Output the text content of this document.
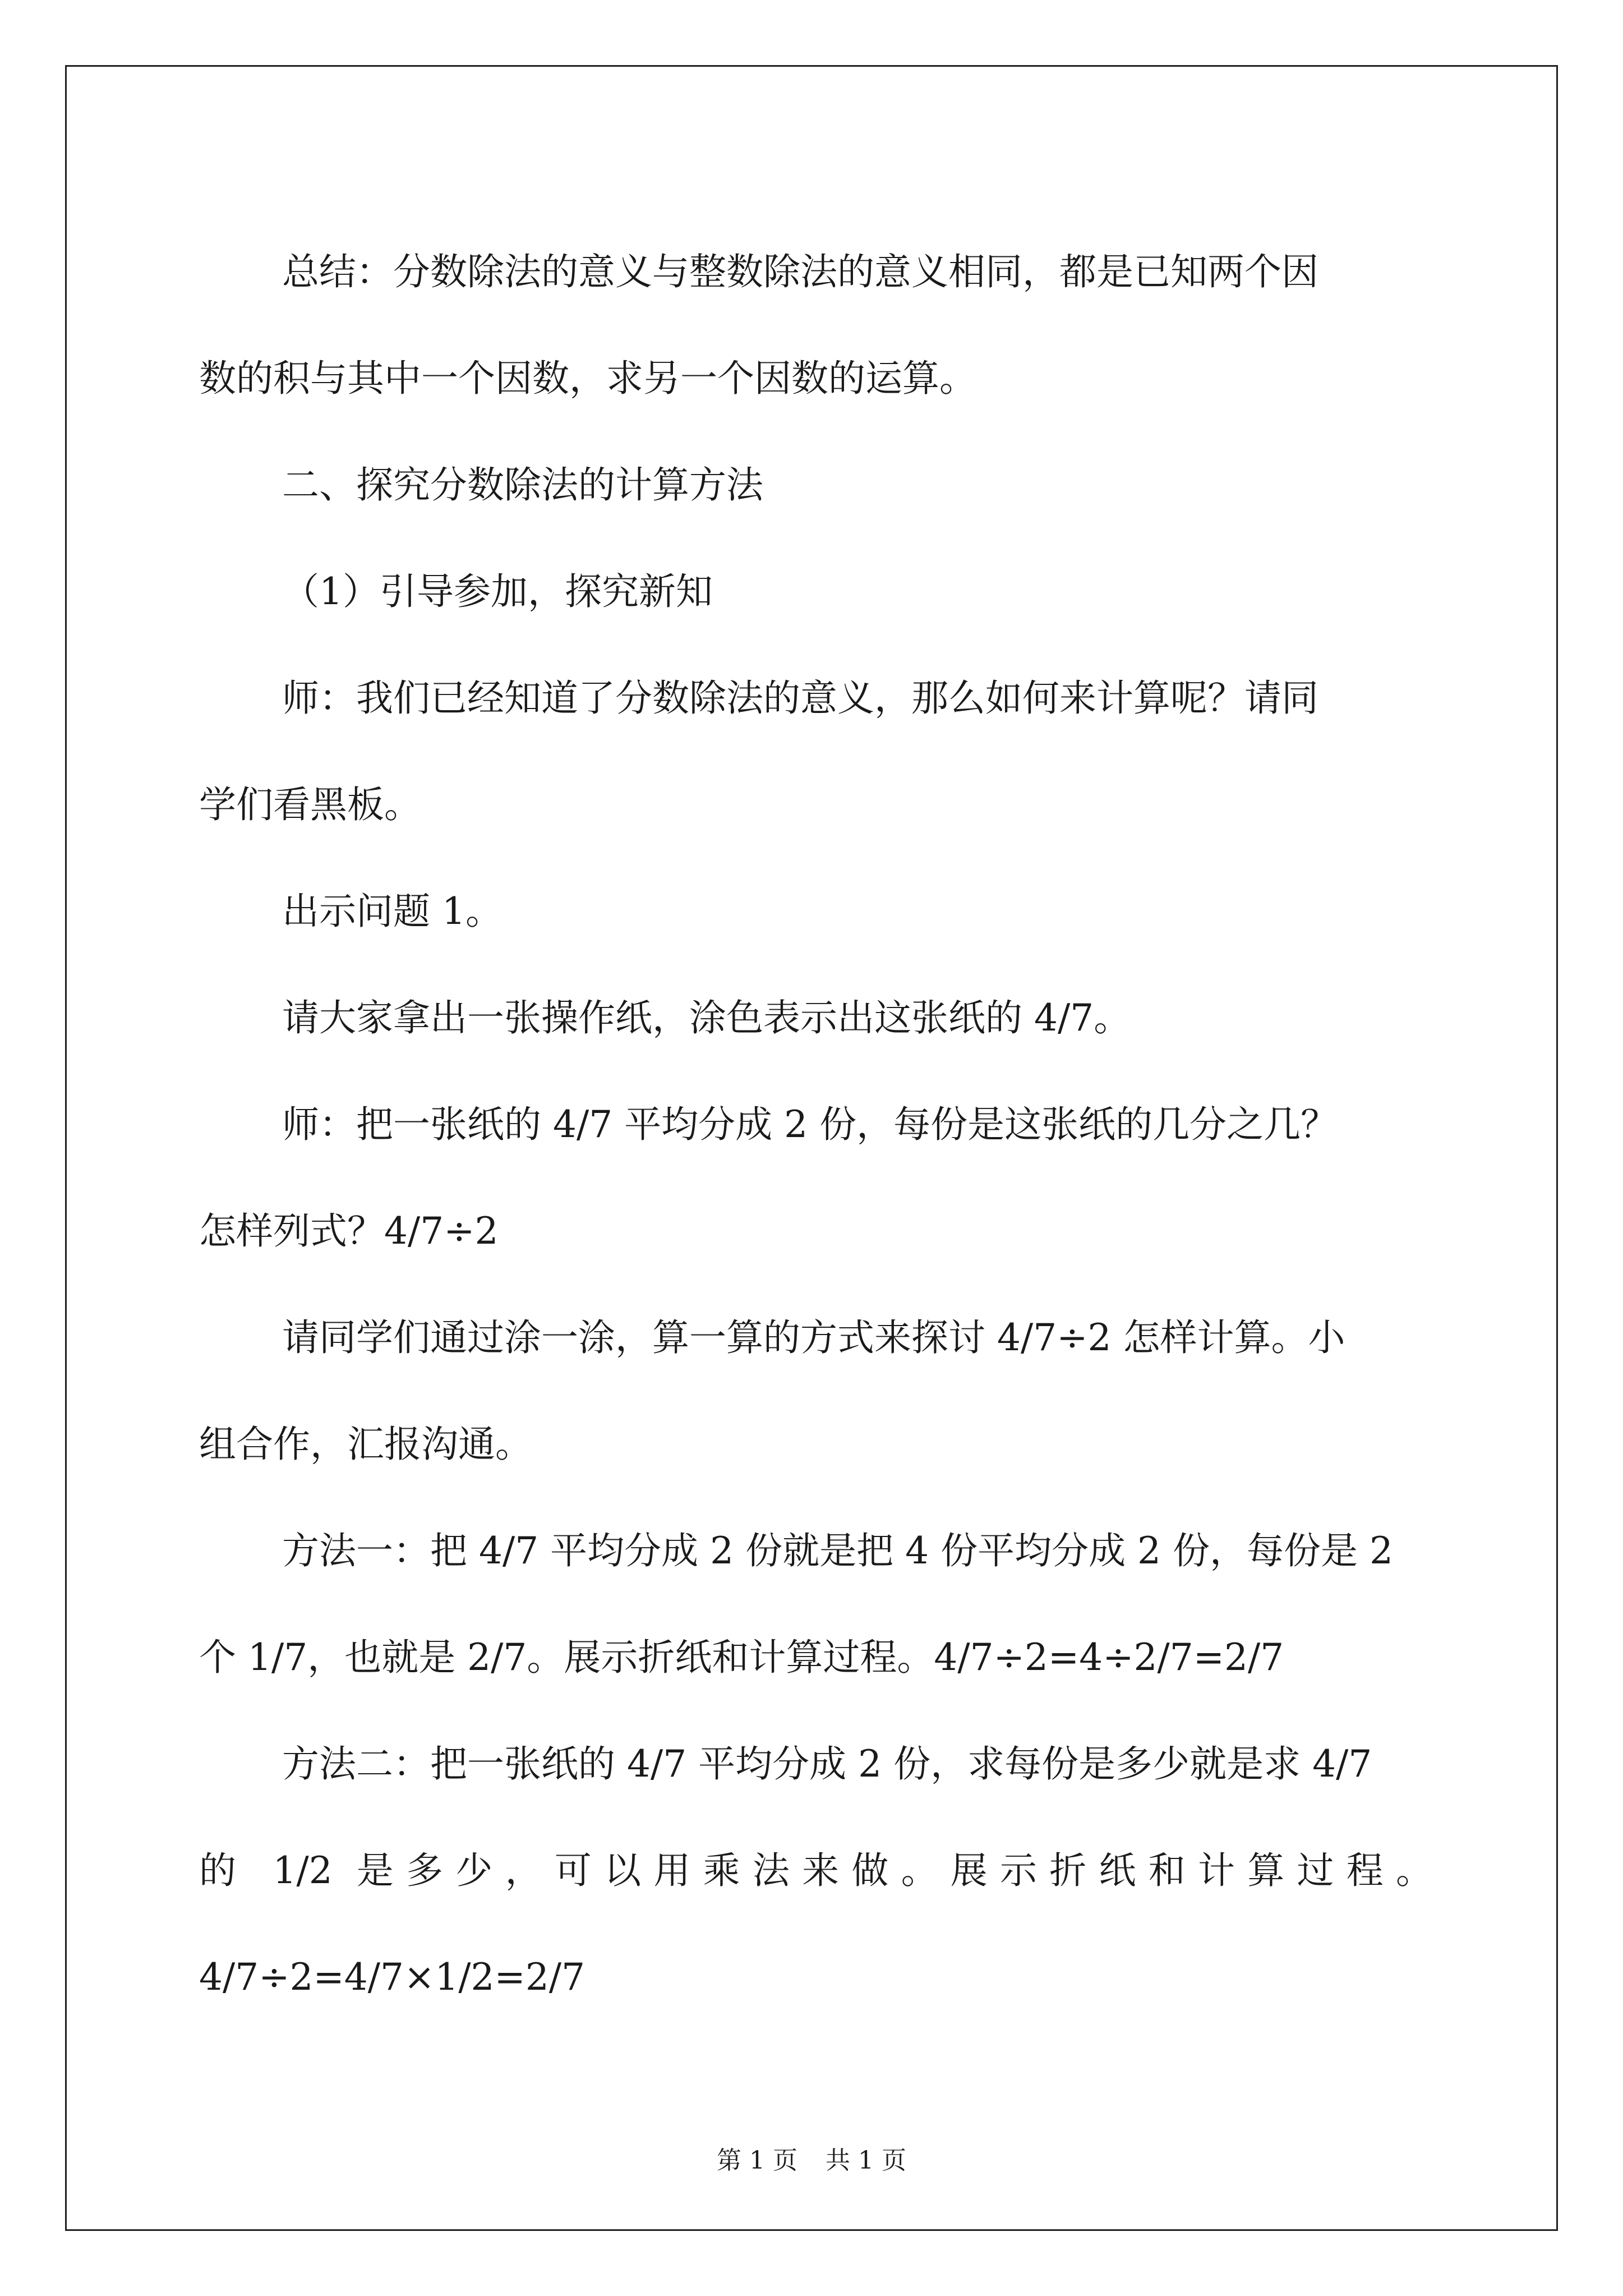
总结：分数除法的意义与整数除法的意义相同，都是已知两个因

数的积与其中一个因数，求另一个因数的运算。

二、探究分数除法的计算方法

（1）引导参加，探究新知

师：我们已经知道了分数除法的意义，那么如何来计算呢？请同

学们看黑板。

出示问题 1。

请大家拿出一张操作纸，涂色表示出这张纸的 4/7。

师：把一张纸的 4/7 平均分成 2 份，每份是这张纸的几分之几？

怎样列式？4/7÷2

请同学们通过涂一涂，算一算的方式来探讨 4/7÷2 怎样计算。小

组合作，汇报沟通。

方法一：把 4/7 平均分成 2 份就是把 4 份平均分成 2 份，每份是 2

个 1/7，也就是 2/7。展示折纸和计算过程。4/7÷2=4÷2/7=2/7

方法二：把一张纸的 4/7 平均分成 2 份，求每份是多少就是求 4/7

的 1/2 是多少，可以用乘法来做。展示折纸和计算过程。

4/7÷2=4/7×1/2=2/7

第 1 页 共 1 页
